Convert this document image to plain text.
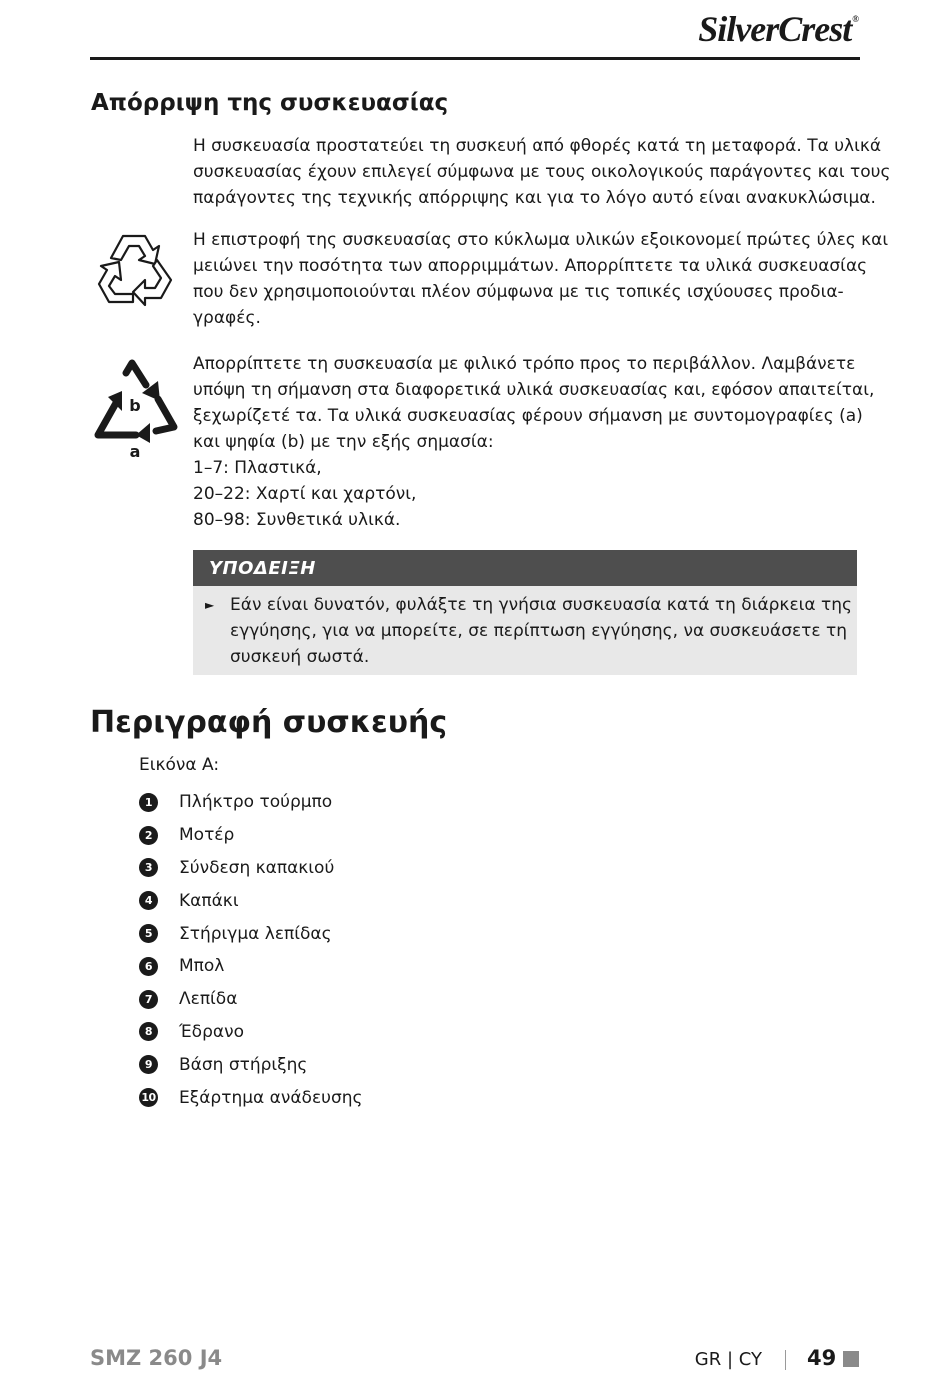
SilverCrest®
Απόρριψη της συσκευασίας
Η συσκευασία προστατεύει τη συσκευή από φθορές κατά τη μεταφορά. Τα υλικά
συσκευασίας έχουν επιλεγεί σύμφωνα με τους οικολογικούς παράγοντες και τους
παράγοντες της τεχνικής απόρριψης και για το λόγο αυτό είναι ανακυκλώσιμα.
Η επιστροφή της συσκευασίας στο κύκλωμα υλικών εξοικονομεί πρώτες ύλες και
μειώνει την ποσότητα των απορριμμάτων. Απορρίπτετε τα υλικά συσκευασίας
που δεν χρησιμοποιούνται πλέον σύμφωνα με τις τοπικές ισχύουσες προδια-
γραφές.
b
a
Απορρίπτετε τη συσκευασία με φιλικό τρόπο προς το περιβάλλον. Λαμβάνετε
υπόψη τη σήμανση στα διαφορετικά υλικά συσκευασίας και, εφόσον απαιτείται,
ξεχωρίζετέ τα. Τα υλικά συσκευασίας φέρουν σήμανση με συντομογραφίες (a)
και ψηφία (b) με την εξής σημασία:
1–7: Πλαστικά,
20–22: Χαρτί και χαρτόνι,
80–98: Συνθετικά υλικά.
ΥΠΟΔΕΙΞΗ
► Εάν είναι δυνατόν, φυλάξτε τη γνήσια συσκευασία κατά τη διάρκεια της
εγγύησης, για να μπορείτε, σε περίπτωση εγγύησης, να συσκευάσετε τη
συσκευή σωστά.
Περιγραφή συσκευής
Εικόνα A:
1	Πλήκτρο τούρμπο
2	Μοτέρ
3	Σύνδεση καπακιού
4	Καπάκι
5	Στήριγμα λεπίδας
6	Μπολ
7	Λεπίδα
8	Έδρανο
9	Βάση στήριξης
10 Εξάρτημα ανάδευσης
SMZ 260 J4	GR | CY 49
